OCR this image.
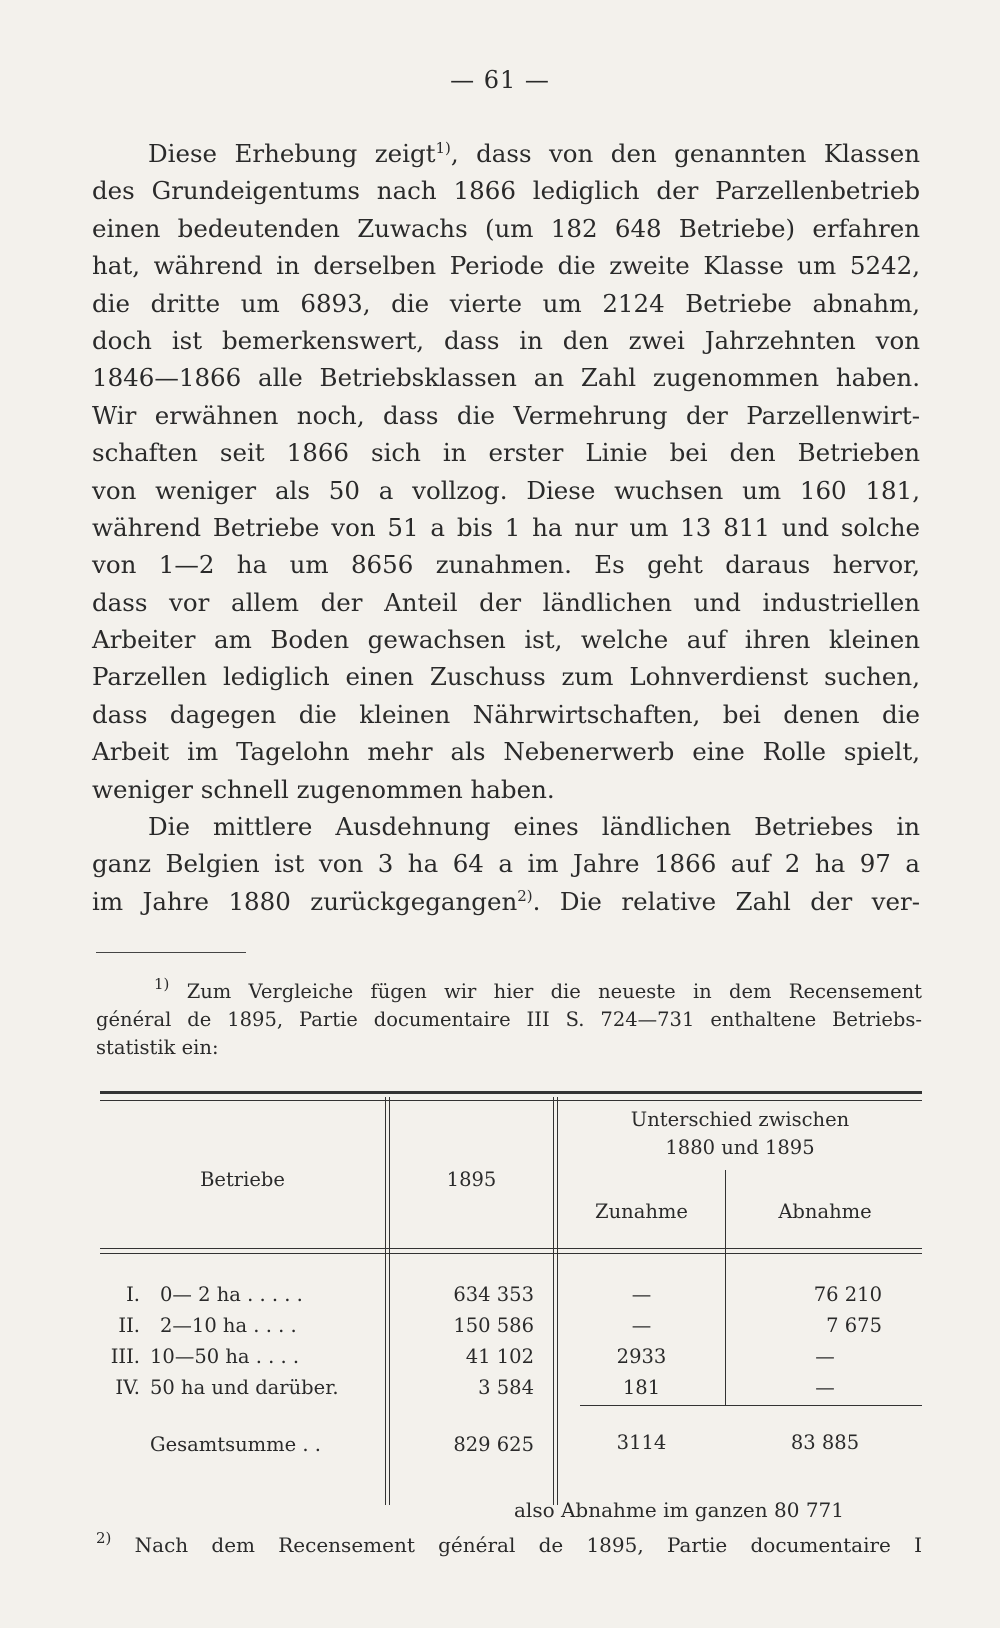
— 61 —
Diese Erhebung zeigt$^{1)}$, dass von den genannten Klassen
des Grundeigentums nach 1866 lediglich der Parzellenbetrieb
einen bedeutenden Zuwachs (um 182 648 Betriebe) erfahren
hat, während in derselben Periode die zweite Klasse um 5242,
die dritte um 6893, die vierte um 2124 Betriebe abnahm,
doch ist bemerkenswert, dass in den zwei Jahrzehnten von
1846—1866 alle Betriebsklassen an Zahl zugenommen haben.
Wir erwähnen noch, dass die Vermehrung der Parzellenwirt-
schaften seit 1866 sich in erster Linie bei den Betrieben
von weniger als 50 a vollzog. Diese wuchsen um 160 181,
während Betriebe von 51 a bis 1 ha nur um 13 811 und solche
von 1—2 ha um 8656 zunahmen. Es geht daraus hervor,
dass vor allem der Anteil der ländlichen und industriellen
Arbeiter am Boden gewachsen ist, welche auf ihren kleinen
Parzellen lediglich einen Zuschuss zum Lohnverdienst suchen,
dass dagegen die kleinen Nährwirtschaften, bei denen die
Arbeit im Tagelohn mehr als Nebenerwerb eine Rolle spielt,
weniger schnell zugenommen haben.
Die mittlere Ausdehnung eines ländlichen Betriebes in
ganz Belgien ist von 3 ha 64 a im Jahre 1866 auf 2 ha 97 a
im Jahre 1880 zurückgegangen$^{2)}$. Die relative Zahl der ver-
$^{1)}$ Zum Vergleiche fügen wir hier die neueste in dem Recensement
général de 1895, Partie documentaire III S. 724—731 enthaltene Betriebs-
statistik ein:
Betriebe	1895
Unterschied zwischen
1880 und 1895
Zunahme	Abnahme
I. 0— 2 ha . . . . .	634 353	—	76 210
II. 2—10 ha . . . .	150 586	—	7 675
III. 10—50 ha . . . .	41 102	2933	—
IV. 50 ha und darüber.	3 584	181	—
Gesamtsumme . .	829 625	3114	83 885
also Abnahme im ganzen 80 771
$^{2)}$ Nach dem Recensement général de 1895, Partie documentaire I
